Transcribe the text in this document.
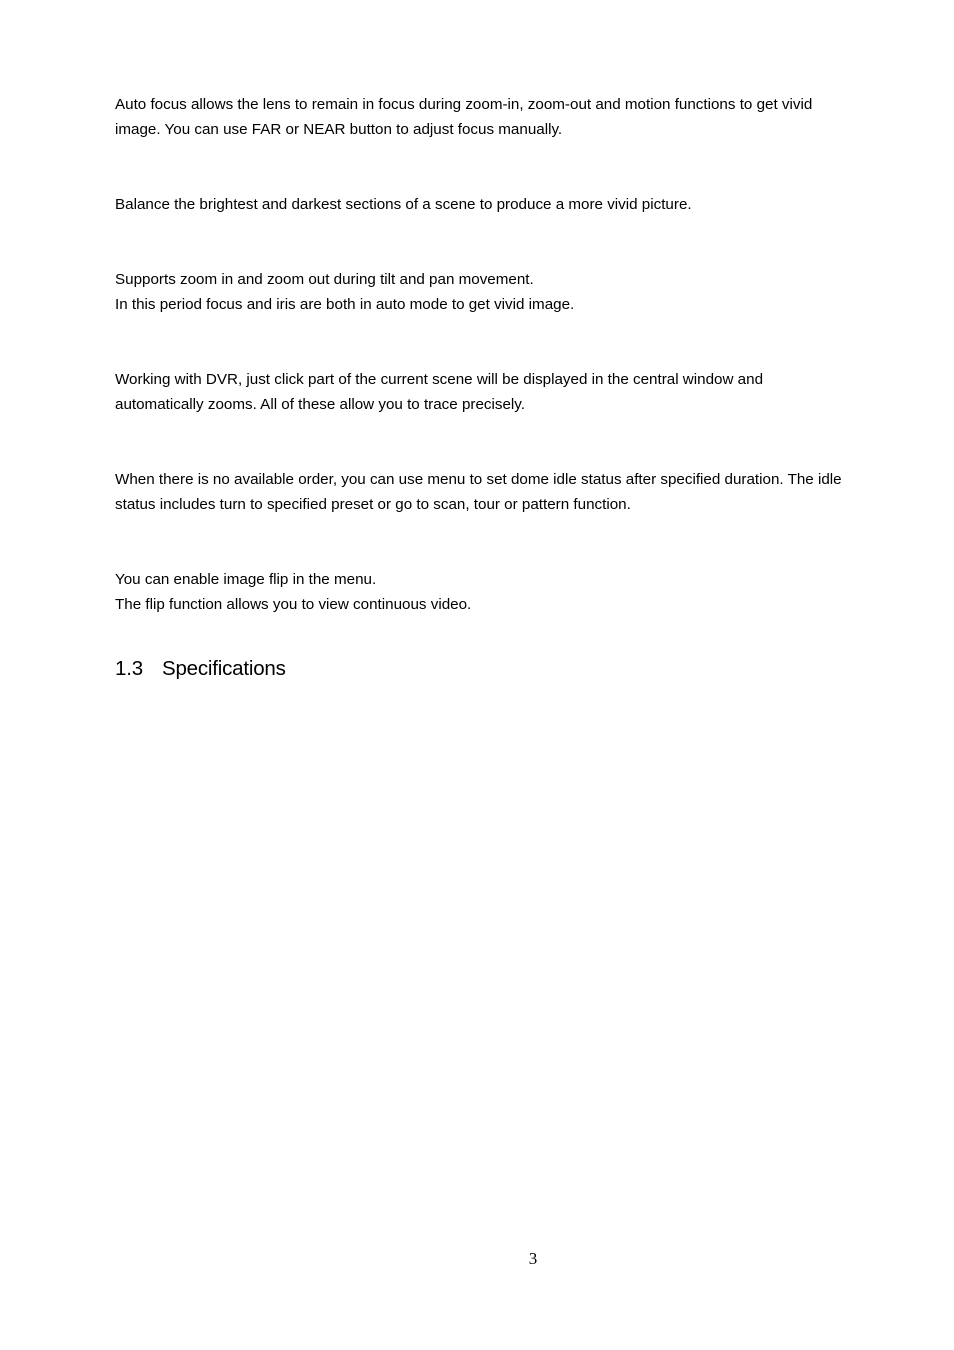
Auto focus allows the lens to remain in focus during zoom-in, zoom-out and motion functions to get vivid
image. You can use FAR or NEAR button to adjust focus manually.

Balance the brightest and darkest sections of a scene to produce a more vivid picture.

Supports zoom in and zoom out during tilt and pan movement.
In this period focus and iris are both in auto mode to get vivid image.

Working with DVR, just click part of the current scene will be displayed in the central window and
automatically zooms. All of these allow you to trace precisely.

When there is no available order, you can use menu to set dome idle status after specified duration. The idle
status includes turn to specified preset or go to scan, tour or pattern function.

You can enable image flip in the menu.
The flip function allows you to view continuous video.

1.3 Specifications
3
